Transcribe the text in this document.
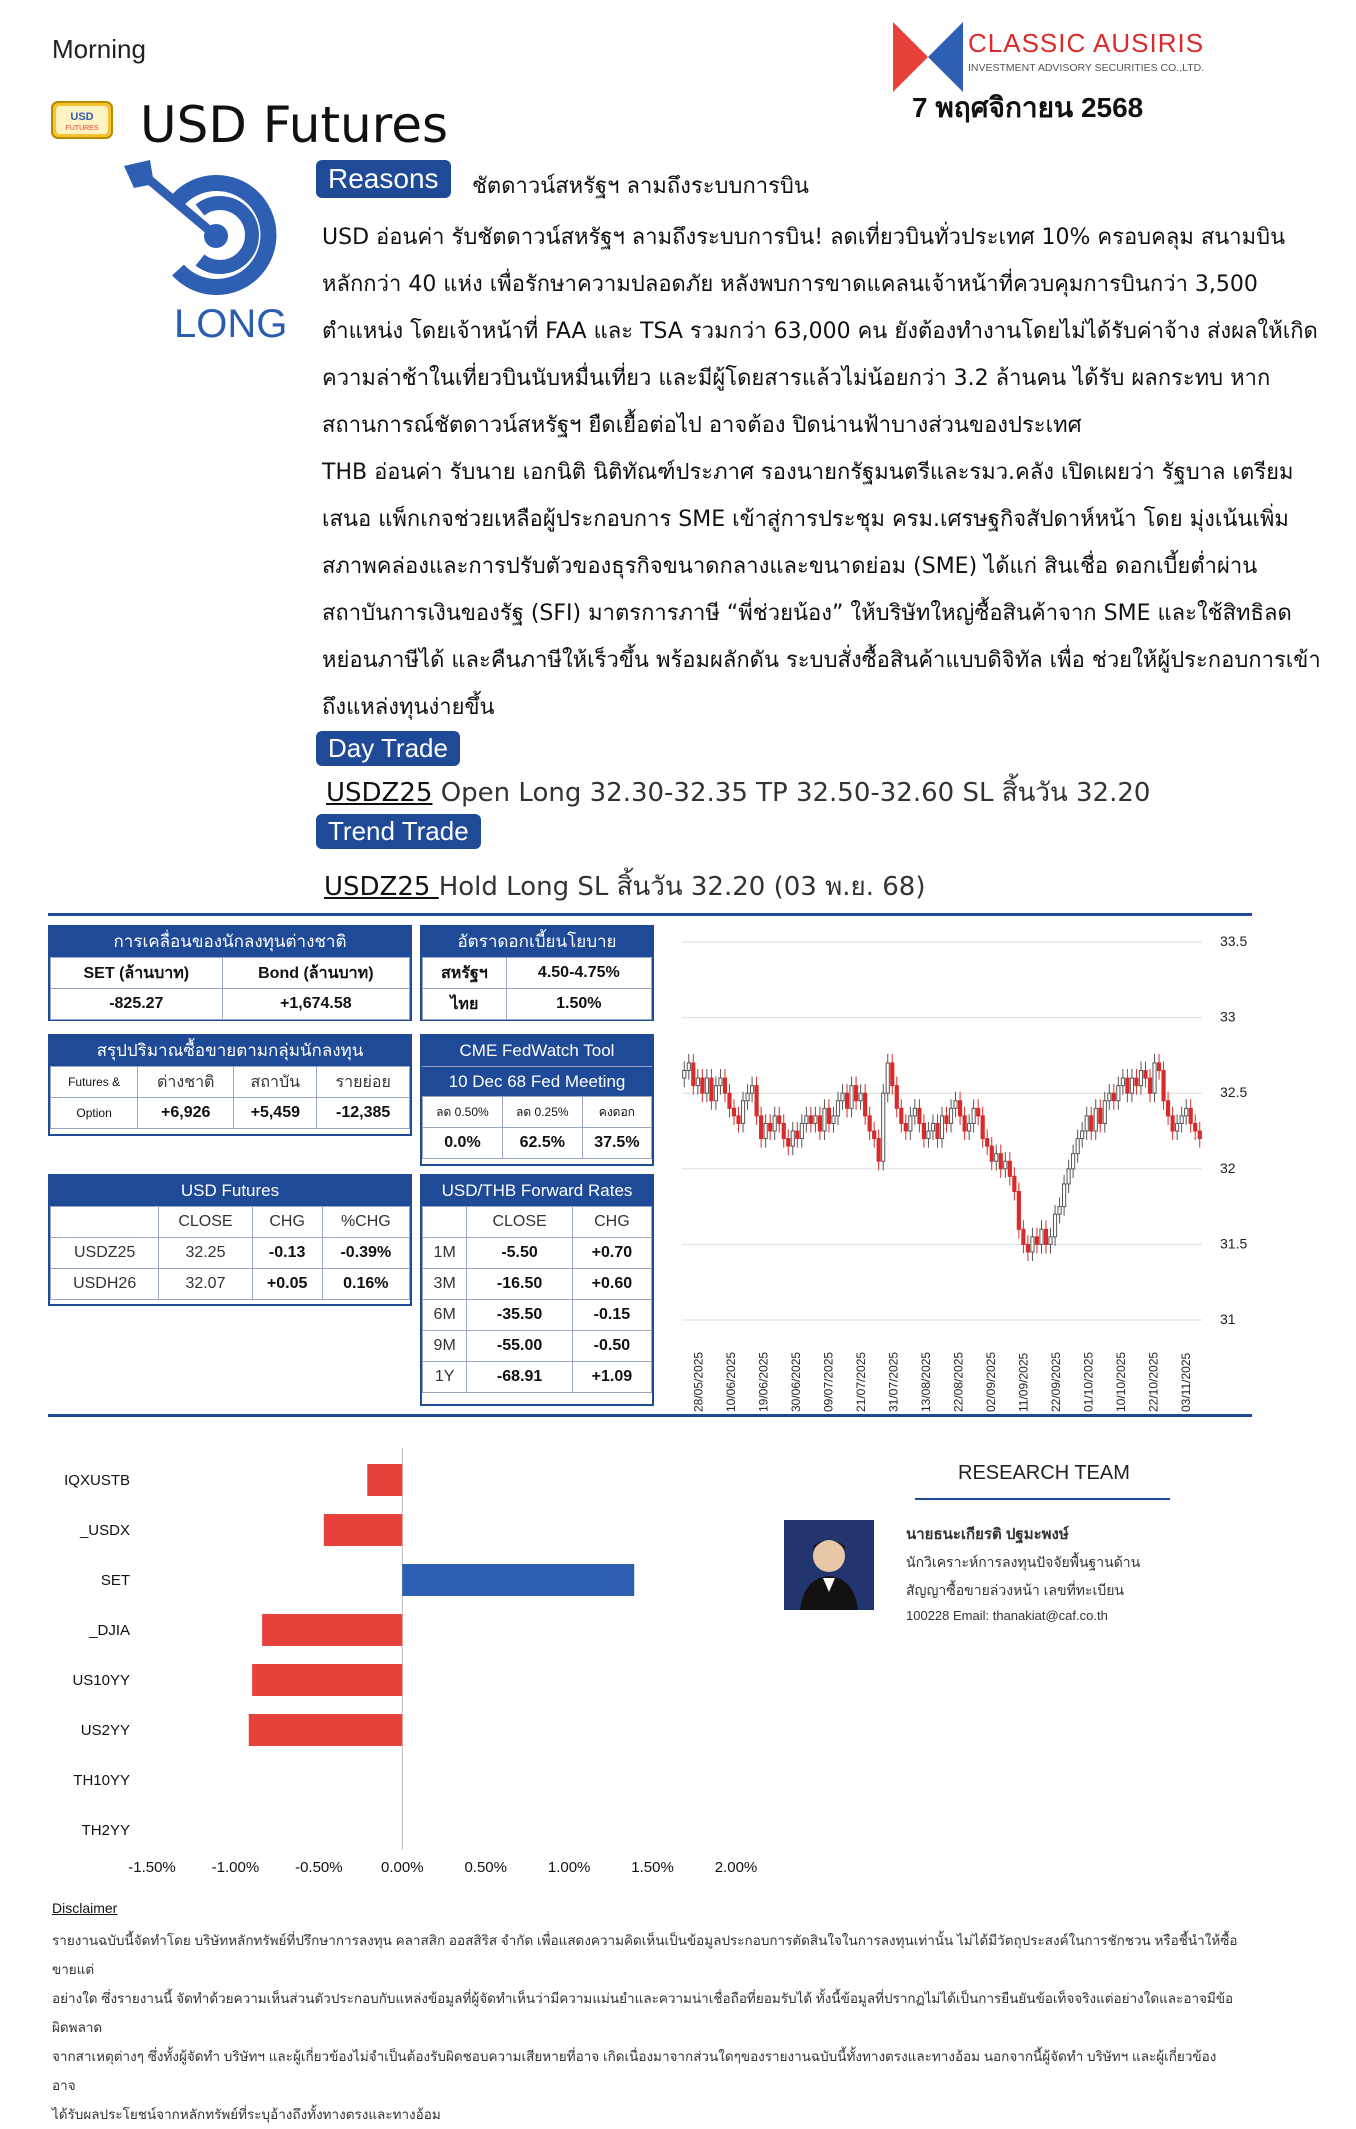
Morning	CLASSIC AUSIRIS
INVESTMENT ADVISORY SECURITIES CO.,LTD.
7 พฤศจิกายน 2568
USD
FUTURES USD Futures
LONG
Reasons	ชัตดาวน์สหรัฐฯ ลามถึงระบบการบิน

USD อ่อนค่า รับชัตดาวน์สหรัฐฯ ลามถึงระบบการบิน! ลดเที่ยวบินทั่วประเทศ 10% ครอบคลุม สนามบินหลักกว่า 40 แห่ง เพื่อรักษาความปลอดภัย หลังพบการขาดแคลนเจ้าหน้าที่ควบคุมการบินกว่า 3,500 ตำแหน่ง โดยเจ้าหน้าที่ FAA และ TSA รวมกว่า 63,000 คน ยังต้องทำงานโดยไม่ได้รับค่าจ้าง ส่งผลให้เกิดความล่าช้าในเที่ยวบินนับหมื่นเที่ยว และมีผู้โดยสารแล้วไม่น้อยกว่า 3.2 ล้านคน ได้รับ ผลกระทบ หากสถานการณ์ชัตดาวน์สหรัฐฯ ยืดเยื้อต่อไป อาจต้อง ปิดน่านฟ้าบางส่วนของประเทศ

THB อ่อนค่า รับนาย เอกนิติ นิติทัณฑ์ประภาศ รองนายกรัฐมนตรีและรมว.คลัง เปิดเผยว่า รัฐบาล เตรียมเสนอ แพ็กเกจช่วยเหลือผู้ประกอบการ SME เข้าสู่การประชุม ครม.เศรษฐกิจสัปดาห์หน้า โดย มุ่งเน้นเพิ่ม สภาพคล่องและการปรับตัวของธุรกิจขนาดกลางและขนาดย่อม (SME) ได้แก่ สินเชื่อ ดอกเบี้ยต่ำผ่านสถาบันการเงินของรัฐ (SFI) มาตรการภาษี “พี่ช่วยน้อง” ให้บริษัทใหญ่ซื้อสินค้าจาก SME และใช้สิทธิลดหย่อนภาษีได้ และคืนภาษีให้เร็วขึ้น พร้อมผลักดัน ระบบสั่งซื้อสินค้าแบบดิจิทัล เพื่อ ช่วยให้ผู้ประกอบการเข้าถึงแหล่งทุนง่ายขึ้น

Day Trade
USDZ25 Open Long 32.30-32.35 TP 32.50-32.60 SL สิ้นวัน 32.20
Trend Trade
USDZ25 Hold Long SL สิ้นวัน 32.20 (03 พ.ย. 68)
การเคลื่อนของนักลงทุนต่างชาติ
SET (ล้านบาท)	Bond (ล้านบาท)
-825.27	+1,674.58
อัตราดอกเบี้ยนโยบาย
สหรัฐฯ	4.50-4.75%
ไทย	1.50%
สรุปปริมาณซื้อขายตามกลุ่มนักลงทุน
Futures &	ต่างชาติ	สถาบัน	รายย่อย
Option	+6,926	+5,459	-12,385
CME FedWatch Tool
10 Dec 68 Fed Meeting
ลด 0.50%	ลด 0.25%	คงดอก
0.0%	62.5%	37.5%
USD Futures
	CLOSE	CHG	%CHG
USDZ25	32.25	-0.13	-0.39%
USDH26	32.07	+0.05	0.16%
USD/THB Forward Rates
	CLOSE	CHG
1M	-5.50	+0.70
3M	-16.50	+0.60
6M	-35.50	-0.15
9M	-55.00	-0.50
1Y	-68.91	+1.09
33.5
33
32.5
32
31.5
31
28/05/2025 10/06/2025 19/06/2025 30/06/2025 09/07/2025 21/07/2025 31/07/2025 13/08/2025 22/08/2025 02/09/2025 11/09/2025 22/09/2025 01/10/2025 10/10/2025 22/10/2025 03/11/2025
IQXUSTB
_USDX
SET
_DJIA
US10YY
US2YY
TH10YY
TH2YY
-1.50% -1.00% -0.50%	0.00%	0.50%	1.00%	1.50%	2.00%
RESEARCH TEAM
นายธนะเกียรติ ปฐมะพงษ์
นักวิเคราะห์การลงทุนปัจจัยพื้นฐานด้าน
สัญญาซื้อขายล่วงหน้า เลขที่ทะเบียน
100228 Email: thanakiat@caf.co.th
Disclaimer
รายงานฉบับนี้จัดทำโดย บริษัทหลักทรัพย์ที่ปรึกษาการลงทุน คลาสสิก ออสสิริส จำกัด เพื่อแสดงความคิดเห็นเป็นข้อมูลประกอบการตัดสินใจในการลงทุนเท่านั้น ไม่ได้มีวัตถุประสงค์ในการชักชวน หรือชี้นำให้ซื้อขายแต่
อย่างใด ซึ่งรายงานนี้ จัดทำด้วยความเห็นส่วนตัวประกอบกับแหล่งข้อมูลที่ผู้จัดทำเห็นว่ามีความแม่นยำและความน่าเชื่อถือที่ยอมรับได้ ทั้งนี้ข้อมูลที่ปรากฏไม่ได้เป็นการยืนยันข้อเท็จจริงแต่อย่างใดและอาจมีข้อผิดพลาด
จากสาเหตุต่างๆ ซึ่งทั้งผู้จัดทำ บริษัทฯ และผู้เกี่ยวข้องไม่จำเป็นต้องรับผิดชอบความเสียหายที่อาจ เกิดเนื่องมาจากส่วนใดๆของรายงานฉบับนี้ทั้งทางตรงและทางอ้อม นอกจากนี้ผู้จัดทำ บริษัทฯ และผู้เกี่ยวข้อง อาจ
ได้รับผลประโยชน์จากหลักทรัพย์ที่ระบุอ้างถึงทั้งทางตรงและทางอ้อม
